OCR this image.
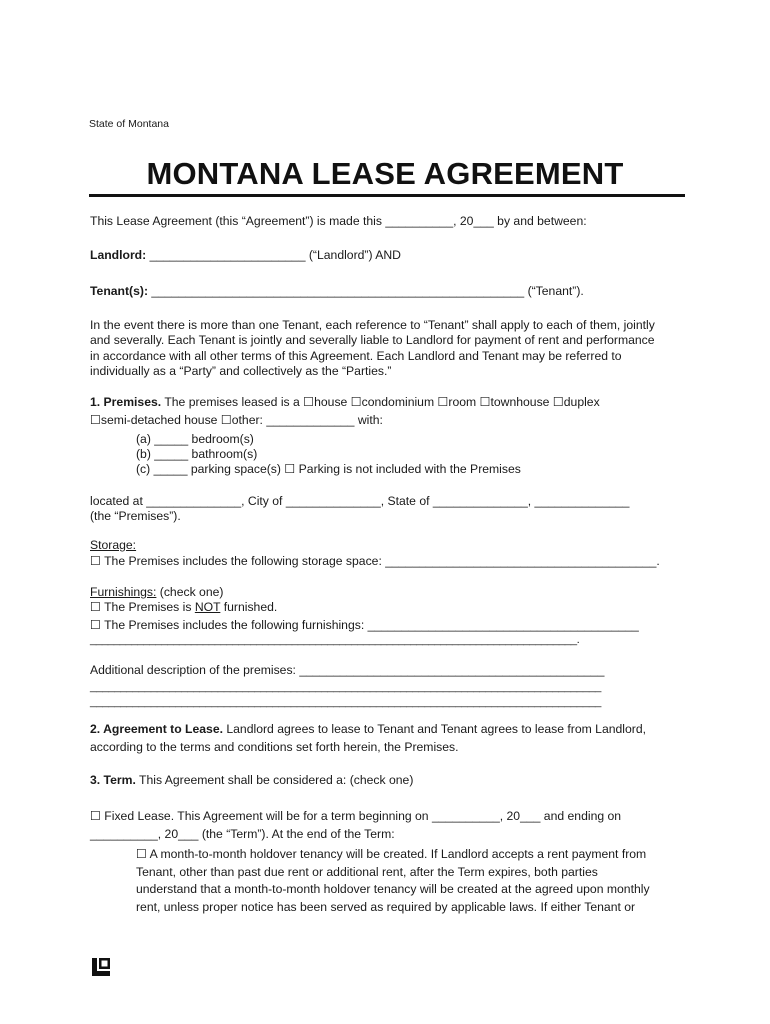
State of Montana
MONTANA LEASE AGREEMENT
This Lease Agreement (this “Agreement”) is made this __________, 20___ by and between:
Landlord: _______________________ (“Landlord”) AND
Tenant(s): _______________________________________________________ (“Tenant”).
In the event there is more than one Tenant, each reference to “Tenant” shall apply to each of them, jointly
and severally. Each Tenant is jointly and severally liable to Landlord for payment of rent and performance
in accordance with all other terms of this Agreement. Each Landlord and Tenant may be referred to
individually as a “Party” and collectively as the “Parties.”
1. Premises. The premises leased is a ☐house ☐condominium ☐room ☐townhouse ☐duplex
☐semi-detached house ☐other: _____________ with:
(a) _____ bedroom(s)
(b) _____ bathroom(s)
(c) _____ parking space(s) ☐ Parking is not included with the Premises
located at ______________, City of ______________, State of ______________, ______________
(the “Premises”).
Storage:
☐ The Premises includes the following storage space: ________________________________________.
Furnishings: (check one)
☐ The Premises is NOT furnished.
☐ The Premises includes the following furnishings: ________________________________________
__________________________________________________________________________________.
Additional description of the premises: _____________________________________________
____________________________________________________________________________________
____________________________________________________________________________________
2. Agreement to Lease. Landlord agrees to lease to Tenant and Tenant agrees to lease from Landlord,
according to the terms and conditions set forth herein, the Premises.
3. Term. This Agreement shall be considered a: (check one)
☐ Fixed Lease. This Agreement will be for a term beginning on __________, 20___ and ending on
__________, 20___ (the “Term”). At the end of the Term:
☐ A month-to-month holdover tenancy will be created. If Landlord accepts a rent payment from
Tenant, other than past due rent or additional rent, after the Term expires, both parties
understand that a month-to-month holdover tenancy will be created at the agreed upon monthly
rent, unless proper notice has been served as required by applicable laws. If either Tenant or
